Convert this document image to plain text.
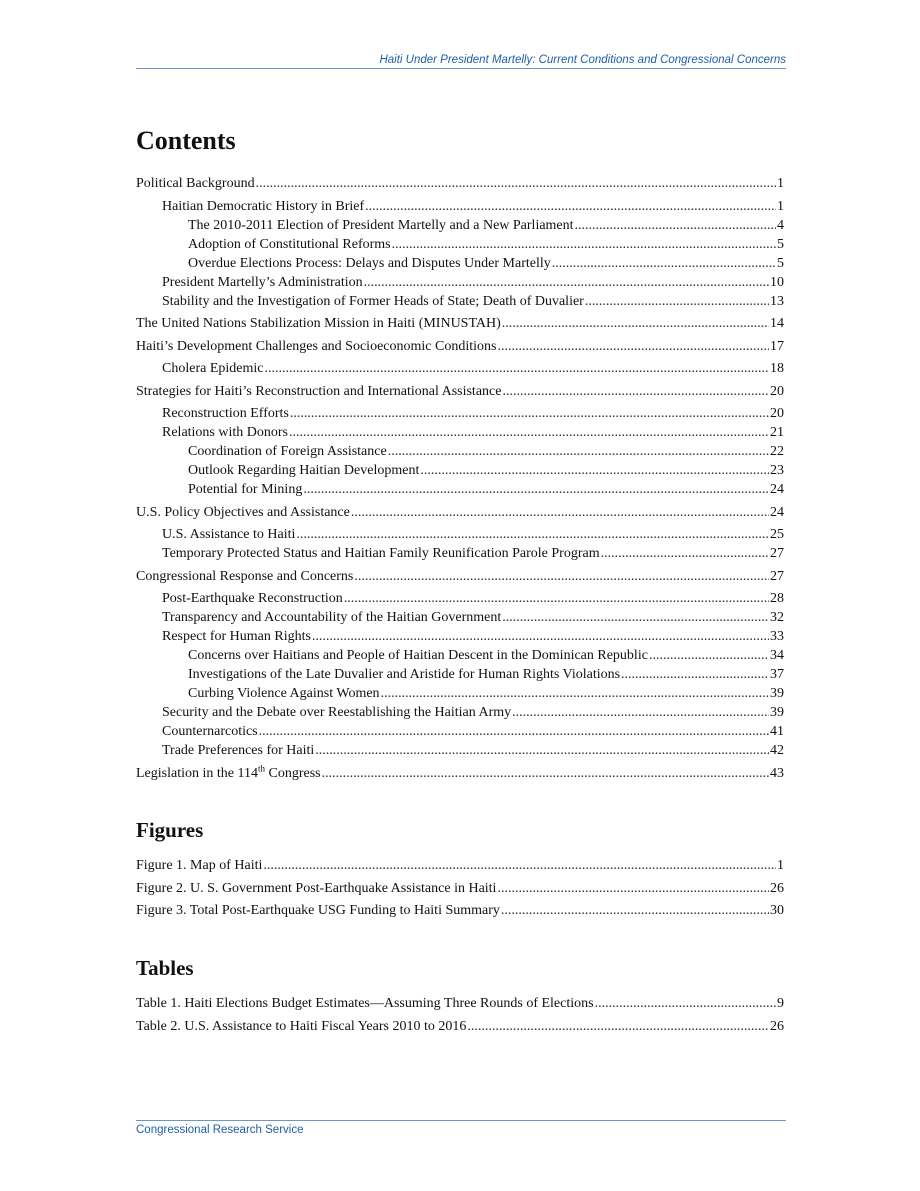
Haiti Under President Martelly: Current Conditions and Congressional Concerns
Contents
Political Background .....	1
Haitian Democratic History in Brief .....	1
The 2010-2011 Election of President Martelly and a New Parliament .....	4
Adoption of Constitutional Reforms .....	5
Overdue Elections Process: Delays and Disputes Under Martelly .....	5
President Martelly’s Administration .....	10
Stability and the Investigation of Former Heads of State; Death of Duvalier .....	13
The United Nations Stabilization Mission in Haiti (MINUSTAH) .....	14
Haiti’s Development Challenges and Socioeconomic Conditions .....	17
Cholera Epidemic .....	18
Strategies for Haiti’s Reconstruction and International Assistance .....	20
Reconstruction Efforts .....	20
Relations with Donors .....	21
Coordination of Foreign Assistance .....	22
Outlook Regarding Haitian Development .....	23
Potential for Mining .....	24
U.S. Policy Objectives and Assistance .....	24
U.S. Assistance to Haiti .....	25
Temporary Protected Status and Haitian Family Reunification Parole Program .....	27
Congressional Response and Concerns .....	27
Post-Earthquake Reconstruction .....	28
Transparency and Accountability of the Haitian Government .....	32
Respect for Human Rights .....	33
Concerns over Haitians and People of Haitian Descent in the Dominican Republic .....	34
Investigations of the Late Duvalier and Aristide for Human Rights Violations .....	37
Curbing Violence Against Women .....	39
Security and the Debate over Reestablishing the Haitian Army .....	39
Counternarcotics .....	41
Trade Preferences for Haiti .....	42
Legislation in the 114th Congress .....	43
Figures
Figure 1. Map of Haiti .....	1
Figure 2. U. S. Government Post-Earthquake Assistance in Haiti .....	26
Figure 3. Total Post-Earthquake USG Funding to Haiti Summary .....	30
Tables
Table 1. Haiti Elections Budget Estimates—Assuming Three Rounds of Elections .....	9
Table 2. U.S. Assistance to Haiti Fiscal Years 2010 to 2016 .....	26
Congressional Research Service
